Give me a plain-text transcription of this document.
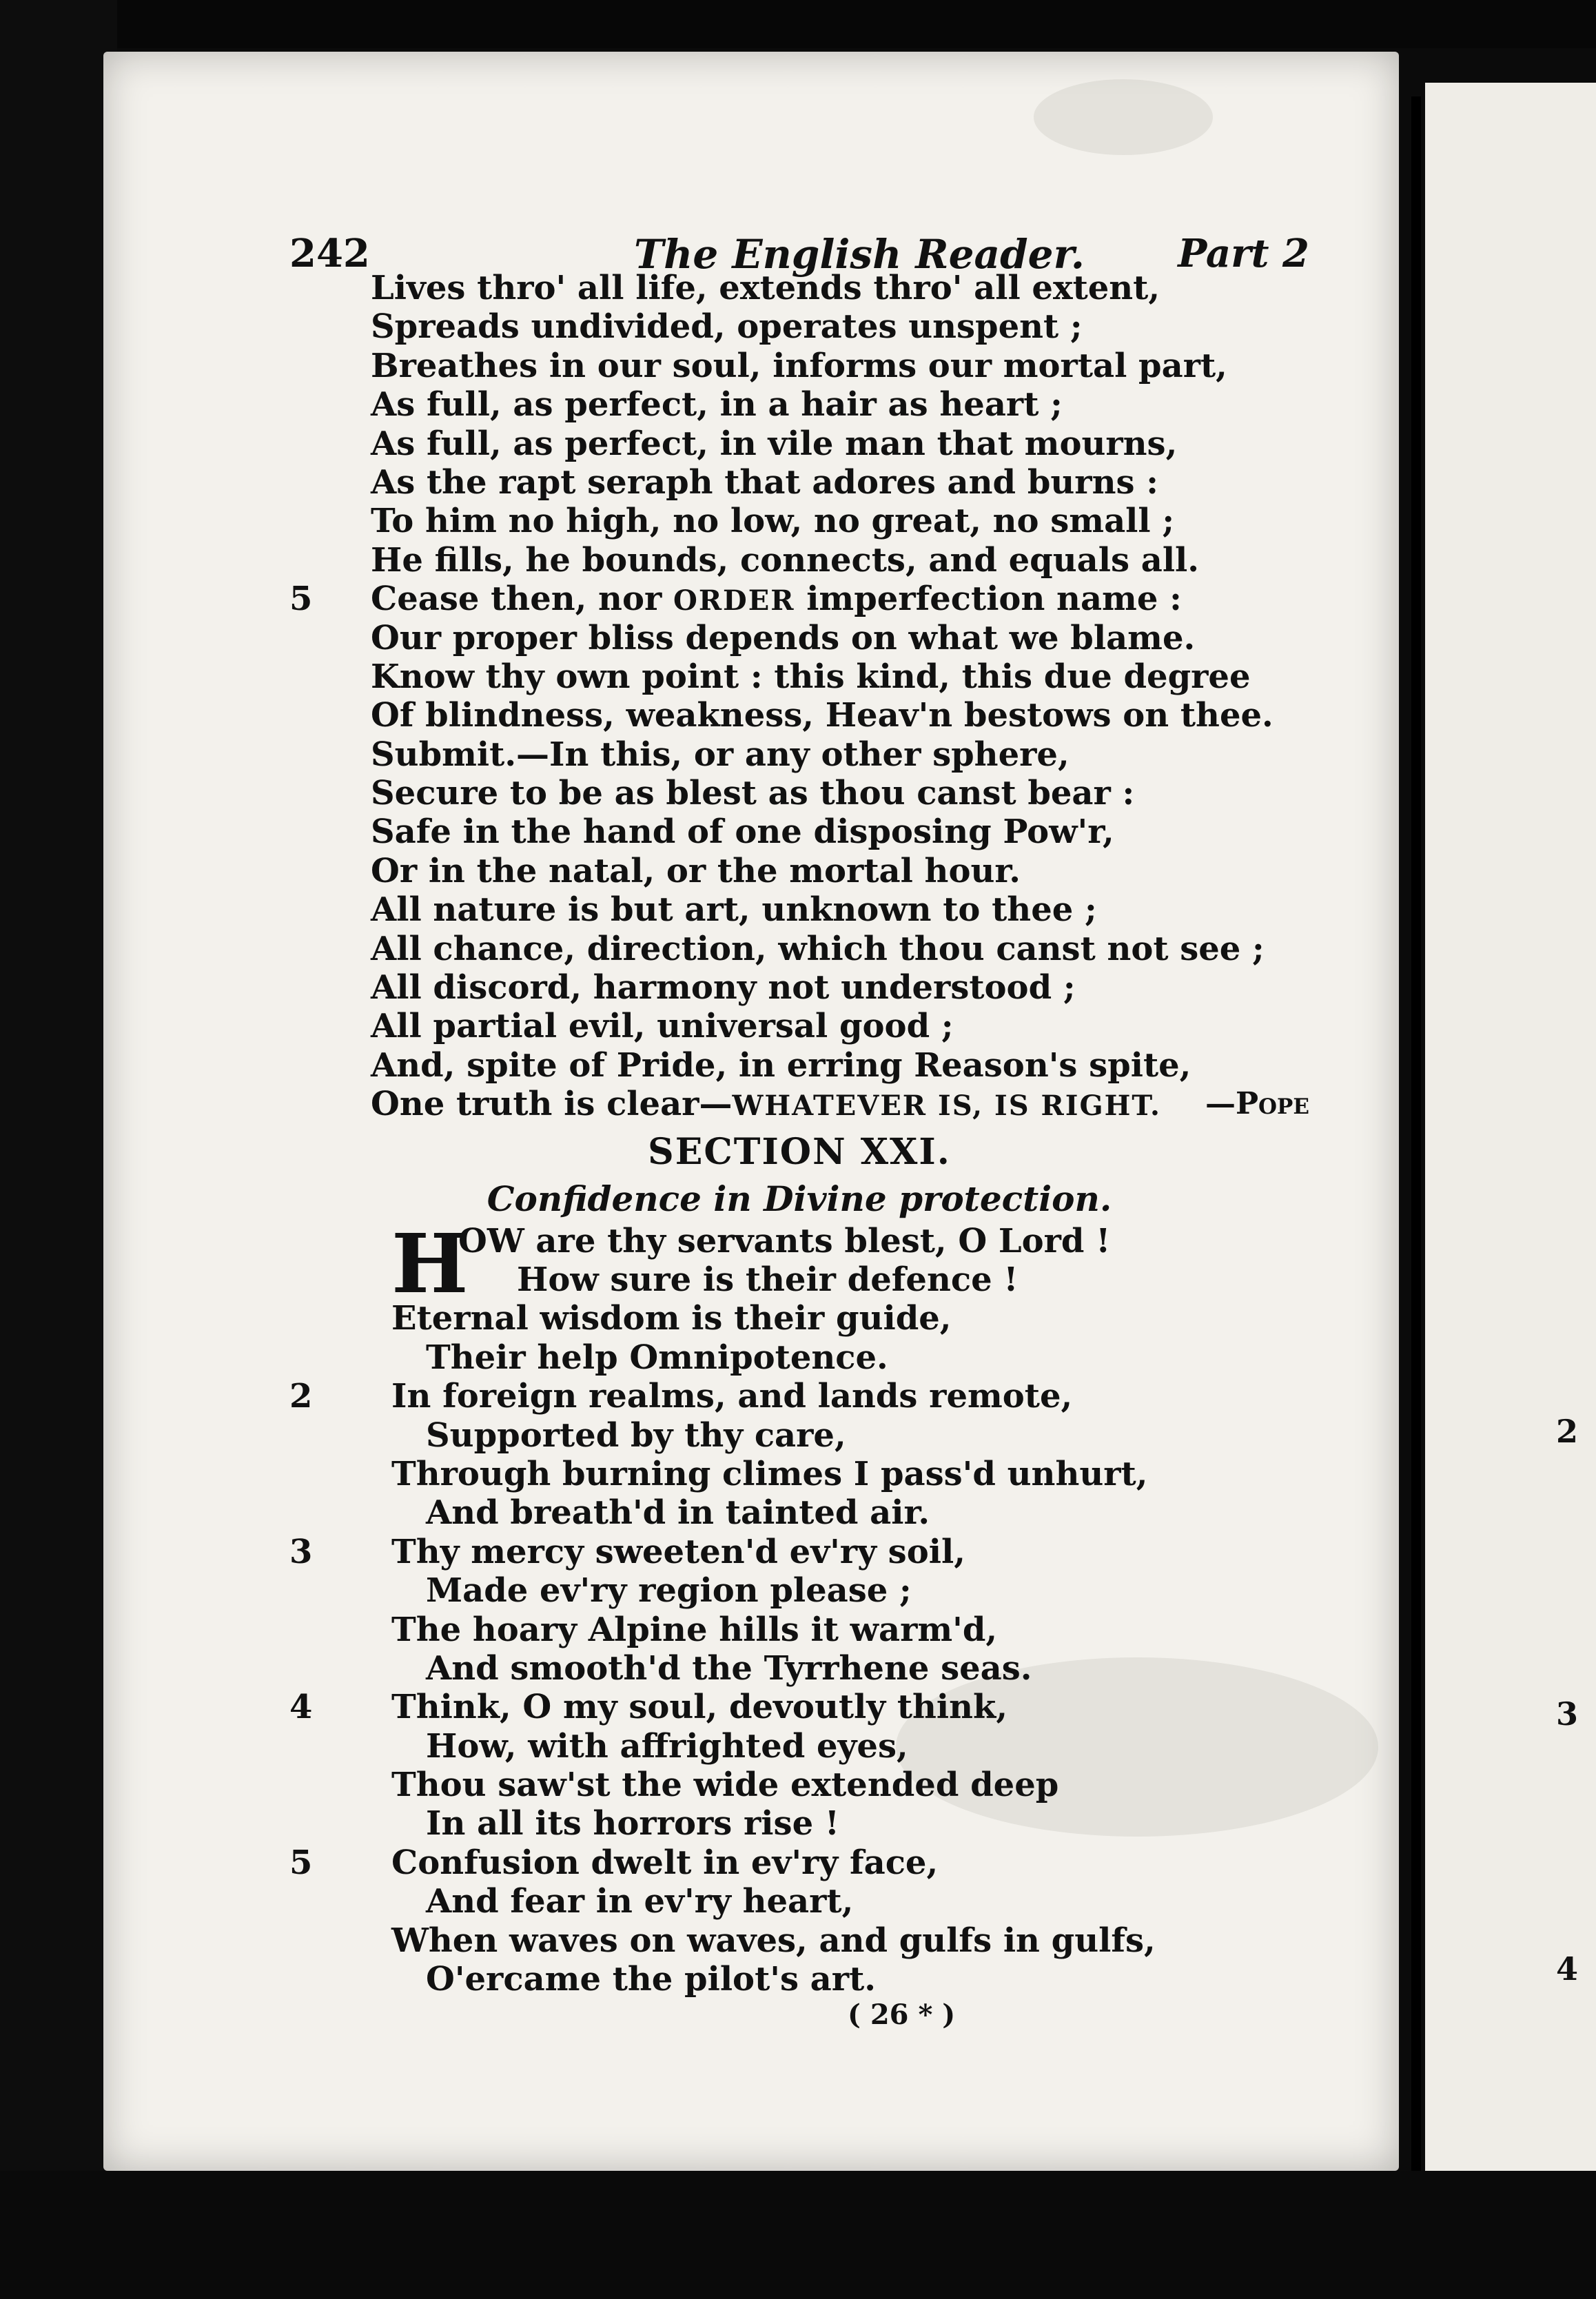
2
3
4
242	The English Reader. Part 2
Lives thro' all life, extends thro' all extent,
Spreads undivided, operates unspent ;
Breathes in our soul, informs our mortal part,
As full, as perfect, in a hair as heart ;
As full, as perfect, in vile man that mourns,
As the rapt seraph that adores and burns :
To him no high, no low, no great, no small ;
He fills, he bounds, connects, and equals all.
5 Cease then, nor ORDER imperfection name :
Our proper bliss depends on what we blame.
Know thy own point : this kind, this due degree
Of blindness, weakness, Heav'n bestows on thee.
Submit.—In this, or any other sphere,
Secure to be as blest as thou canst bear :
Safe in the hand of one disposing Pow'r,
Or in the natal, or the mortal hour.
All nature is but art, unknown to thee ;
All chance, direction, which thou canst not see ;
All discord, harmony not understood ;
All partial evil, universal good ;
And, spite of Pride, in erring Reason's spite,
One truth is clear—WHATEVER IS, IS RIGHT. —Pope
SECTION XXI.
Confidence in Divine protection.
H
OW are thy servants blest, O Lord !
How sure is their defence !
Eternal wisdom is their guide,
Their help Omnipotence.
2 In foreign realms, and lands remote,
Supported by thy care,
Through burning climes I pass'd unhurt,
And breath'd in tainted air.
3 Thy mercy sweeten'd ev'ry soil,
Made ev'ry region please ;
The hoary Alpine hills it warm'd,
And smooth'd the Tyrrhene seas.
4 Think, O my soul, devoutly think,
How, with affrighted eyes,
Thou saw'st the wide extended deep
In all its horrors rise !
5 Confusion dwelt in ev'ry face,
And fear in ev'ry heart,
When waves on waves, and gulfs in gulfs,
O'ercame the pilot's art.
( 26 * )
